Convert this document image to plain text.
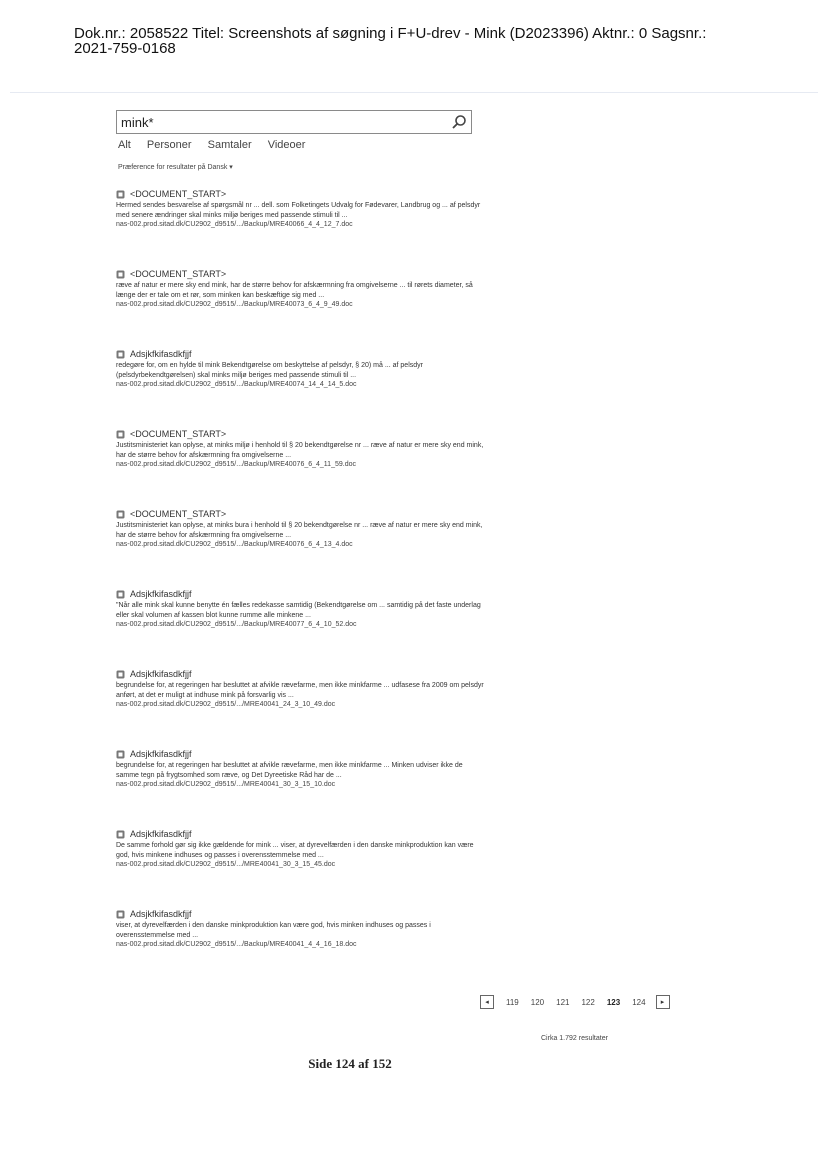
Dok.nr.: 2058522 Titel: Screenshots af søgning i F+U-drev - Mink (D2023396) Aktnr.: 0 Sagsnr.:
2021-759-0168
mink*
Alt Personer Samtaler Videoer
Præference for resultater på Dansk ▾
<DOCUMENT_START>
Hermed sendes besvarelse af spørgsmål nr ... dell. som Folketingets Udvalg for Fødevarer, Landbrug og ... af pelsdyr med senere ændringer skal minks miljø beriges med passende stimuli til ...
nas-002.prod.sitad.dk/CU2902_d9515/.../Backup/MRE40066_4_4_12_7.doc
<DOCUMENT_START>
ræve af natur er mere sky end mink, har de større behov for afskærmning fra omgivelserne ... til rørets diameter, så længe der er tale om et rør, som minken kan beskæftige sig med ...
nas-002.prod.sitad.dk/CU2902_d9515/.../Backup/MRE40073_6_4_9_49.doc
Adsjkfkifasdkfjjf
redegøre for, om en hylde til mink Bekendtgørelse om beskyttelse af pelsdyr, § 20) må ... af pelsdyr (pelsdyrbekendtgørelsen) skal minks miljø beriges med passende stimuli til ...
nas-002.prod.sitad.dk/CU2902_d9515/.../Backup/MRE40074_14_4_14_5.doc
<DOCUMENT_START>
Justitsministeriet kan oplyse, at minks miljø i henhold til § 20 bekendtgørelse nr ... ræve af natur er mere sky end mink, har de større behov for afskærmning fra omgivelserne ...
nas-002.prod.sitad.dk/CU2902_d9515/.../Backup/MRE40076_6_4_11_59.doc
<DOCUMENT_START>
Justitsministeriet kan oplyse, at minks bura i henhold til § 20 bekendtgørelse nr ... ræve af natur er mere sky end mink, har de større behov for afskærmning fra omgivelserne ...
nas-002.prod.sitad.dk/CU2902_d9515/.../Backup/MRE40076_6_4_13_4.doc
Adsjkfkifasdkfjjf
"Når alle mink skal kunne benytte én fælles redekasse samtidig (Bekendtgørelse om ... samtidig på det faste underlag eller skal volumen af kassen blot kunne rumme alle minkene ...
nas-002.prod.sitad.dk/CU2902_d9515/.../Backup/MRE40077_6_4_10_52.doc
Adsjkfkifasdkfjjf
begrundelse for, at regeringen har besluttet at afvikle rævefarme, men ikke minkfarme ... udfasese fra 2009 om pelsdyr anført, at det er muligt at indhuse mink på forsvarlig vis ...
nas-002.prod.sitad.dk/CU2902_d9515/.../MRE40041_24_3_10_49.doc
Adsjkfkifasdkfjjf
begrundelse for, at regeringen har besluttet at afvikle rævefarme, men ikke minkfarme ... Minken udviser ikke de samme tegn på frygtsomhed som ræve, og Det Dyreetiske Råd har de ...
nas-002.prod.sitad.dk/CU2902_d9515/.../MRE40041_30_3_15_10.doc
Adsjkfkifasdkfjjf
De samme forhold gør sig ikke gældende for mink ... viser, at dyrevelfærden i den danske minkproduktion kan være god, hvis minkene indhuses og passes i overensstemmelse med ...
nas-002.prod.sitad.dk/CU2902_d9515/.../MRE40041_30_3_15_45.doc
Adsjkfkifasdkfjjf
viser, at dyrevelfærden i den danske minkproduktion kan være god, hvis minken indhuses og passes i overensstemmelse med ...
nas-002.prod.sitad.dk/CU2902_d9515/.../Backup/MRE40041_4_4_16_18.doc
◂	119 120 121 122 123 124	▸
Cirka 1.792 resultater
Side 124 af 152
